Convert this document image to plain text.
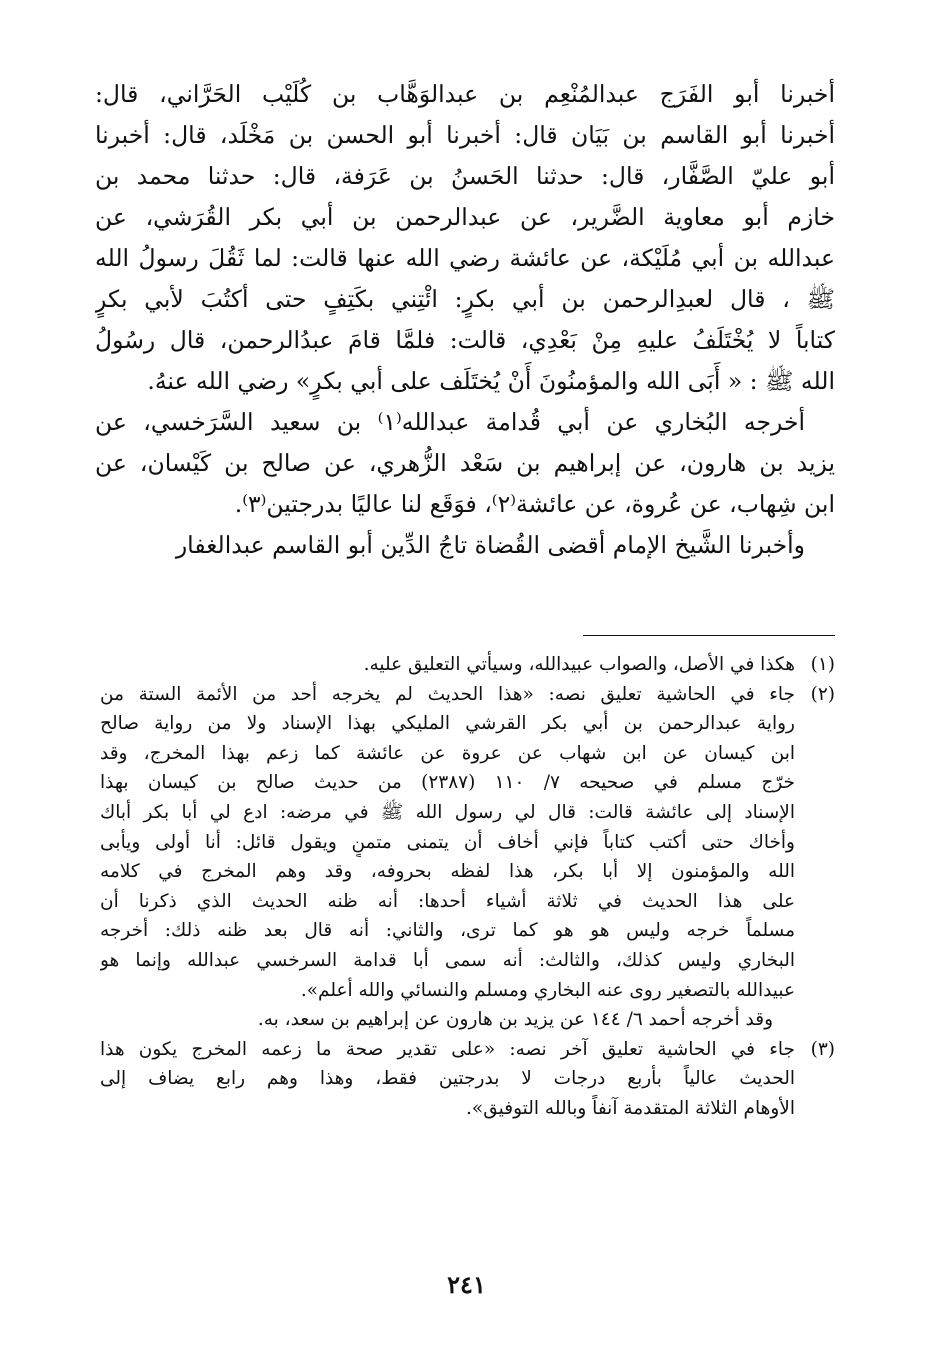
أخبرنا أبو الفَرَج عبدالمُنْعِم بن عبدالوَهَّاب بن كُلَيْب الحَرَّاني، قال:
أخبرنا أبو القاسم بن بَيَان قال: أخبرنا أبو الحسن بن مَخْلَد، قال: أخبرنا
أبو عليّ الصَّفَّار، قال: حدثنا الحَسنُ بن عَرَفة، قال: حدثنا محمد بن
خازم أبو معاوية الضَّرير، عن عبدالرحمن بن أبي بكر القُرَشي، عن
عبدالله بن أبي مُلَيْكة، عن عائشة رضي الله عنها قالت: لما ثَقُلَ رسولُ الله
ﷺ ، قال لعبدِالرحمن بن أبي بكرٍ: ائْتِني بكَتِفٍ حتى أكتُبَ لأبي بكرٍ
كتاباً لا يُخْتَلَفُ عليهِ مِنْ بَعْدِي، قالت: فلمَّا قامَ عبدُالرحمن، قال رسُولُ
الله ﷺ : « أَبَى الله والمؤمنُونَ أَنْ يُختَلَف على أبي بكرٍ» رضي الله عنهُ.
أخرجه البُخاري عن أبي قُدامة عبدالله⁽١⁾ بن سعيد السَّرَخسي، عن
يزيد بن هارون، عن إبراهيم بن سَعْد الزُّهري، عن صالح بن كَيْسان، عن
ابن شِهاب، عن عُروة، عن عائشة⁽٢⁾، فوَقَع لنا عاليًا بدرجتين⁽٣⁾.
وأخبرنا الشَّيخ الإمام أقضى القُضاة تاجُ الدِّين أبو القاسم عبدالغفار
(١)هكذا في الأصل، والصواب عبيدالله، وسيأتي التعليق عليه.
(٢)جاء في الحاشية تعليق نصه: «هذا الحديث لم يخرجه أحد من الأئمة الستة من
رواية عبدالرحمن بن أبي بكر القرشي المليكي بهذا الإسناد ولا من رواية صالح
ابن كيسان عن ابن شهاب عن عروة عن عائشة كما زعم بهذا المخرج، وقد
خرّج مسلم في صحيحه ٧/ ١١٠ (٢٣٨٧) من حديث صالح بن كيسان بهذا
الإسناد إلى عائشة قالت: قال لي رسول الله ﷺ في مرضه: ادع لي أبا بكر أباك
وأخاك حتى أكتب كتاباً فإني أخاف أن يتمنى متمنٍ ويقول قائل: أنا أولى ويأبى
الله والمؤمنون إلا أبا بكر، هذا لفظه بحروفه، وقد وهم المخرج في كلامه
على هذا الحديث في ثلاثة أشياء أحدها: أنه ظنه الحديث الذي ذكرنا أن
مسلماً خرجه وليس هو هو كما ترى، والثاني: أنه قال بعد ظنه ذلك: أخرجه
البخاري وليس كذلك، والثالث: أنه سمى أبا قدامة السرخسي عبدالله وإنما هو
عبيدالله بالتصغير روى عنه البخاري ومسلم والنسائي والله أعلم».
وقد أخرجه أحمد ٦/ ١٤٤ عن يزيد بن هارون عن إبراهيم بن سعد، به.
(٣)جاء في الحاشية تعليق آخر نصه: «على تقدير صحة ما زعمه المخرج يكون هذا
الحديث عالياً بأربع درجات لا بدرجتين فقط، وهذا وهم رابع يضاف إلى
الأوهام الثلاثة المتقدمة آنفاً وبالله التوفيق».
٢٤١
